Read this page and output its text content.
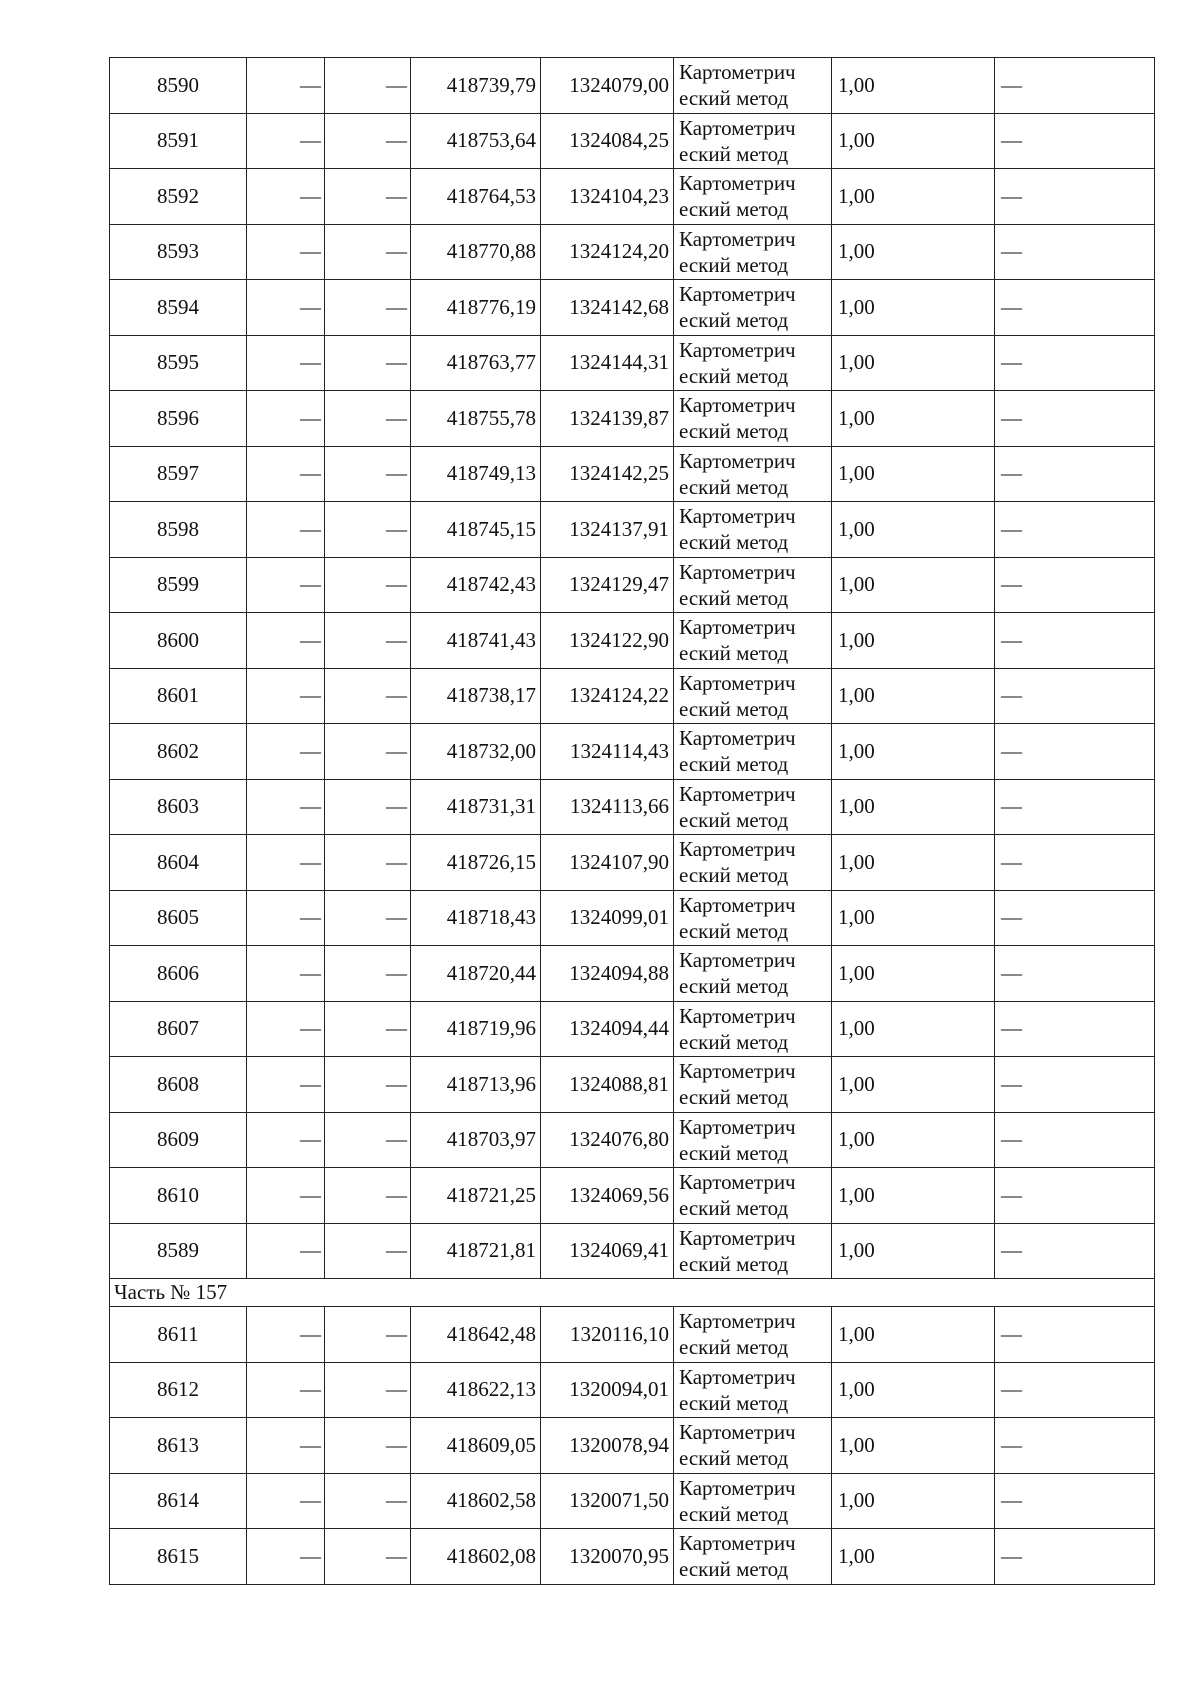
8590	—	—	418739,79	1324079,00	Картометрич
еский метод	1,00	—
8591	—	—	418753,64	1324084,25	Картометрич
еский метод	1,00	—
8592	—	—	418764,53	1324104,23	Картометрич
еский метод	1,00	—
8593	—	—	418770,88	1324124,20	Картометрич
еский метод	1,00	—
8594	—	—	418776,19	1324142,68	Картометрич
еский метод	1,00	—
8595	—	—	418763,77	1324144,31	Картометрич
еский метод	1,00	—
8596	—	—	418755,78	1324139,87	Картометрич
еский метод	1,00	—
8597	—	—	418749,13	1324142,25	Картометрич
еский метод	1,00	—
8598	—	—	418745,15	1324137,91	Картометрич
еский метод	1,00	—
8599	—	—	418742,43	1324129,47	Картометрич
еский метод	1,00	—
8600	—	—	418741,43	1324122,90	Картометрич
еский метод	1,00	—
8601	—	—	418738,17	1324124,22	Картометрич
еский метод	1,00	—
8602	—	—	418732,00	1324114,43	Картометрич
еский метод	1,00	—
8603	—	—	418731,31	1324113,66	Картометрич
еский метод	1,00	—
8604	—	—	418726,15	1324107,90	Картометрич
еский метод	1,00	—
8605	—	—	418718,43	1324099,01	Картометрич
еский метод	1,00	—
8606	—	—	418720,44	1324094,88	Картометрич
еский метод	1,00	—
8607	—	—	418719,96	1324094,44	Картометрич
еский метод	1,00	—
8608	—	—	418713,96	1324088,81	Картометрич
еский метод	1,00	—
8609	—	—	418703,97	1324076,80	Картометрич
еский метод	1,00	—
8610	—	—	418721,25	1324069,56	Картометрич
еский метод	1,00	—
8589	—	—	418721,81	1324069,41	Картометрич
еский метод	1,00	—
Часть № 157							
8611	—	—	418642,48	1320116,10	Картометрич
еский метод	1,00	—
8612	—	—	418622,13	1320094,01	Картометрич
еский метод	1,00	—
8613	—	—	418609,05	1320078,94	Картометрич
еский метод	1,00	—
8614	—	—	418602,58	1320071,50	Картометрич
еский метод	1,00	—
8615	—	—	418602,08	1320070,95	Картометрич
еский метод	1,00	—
